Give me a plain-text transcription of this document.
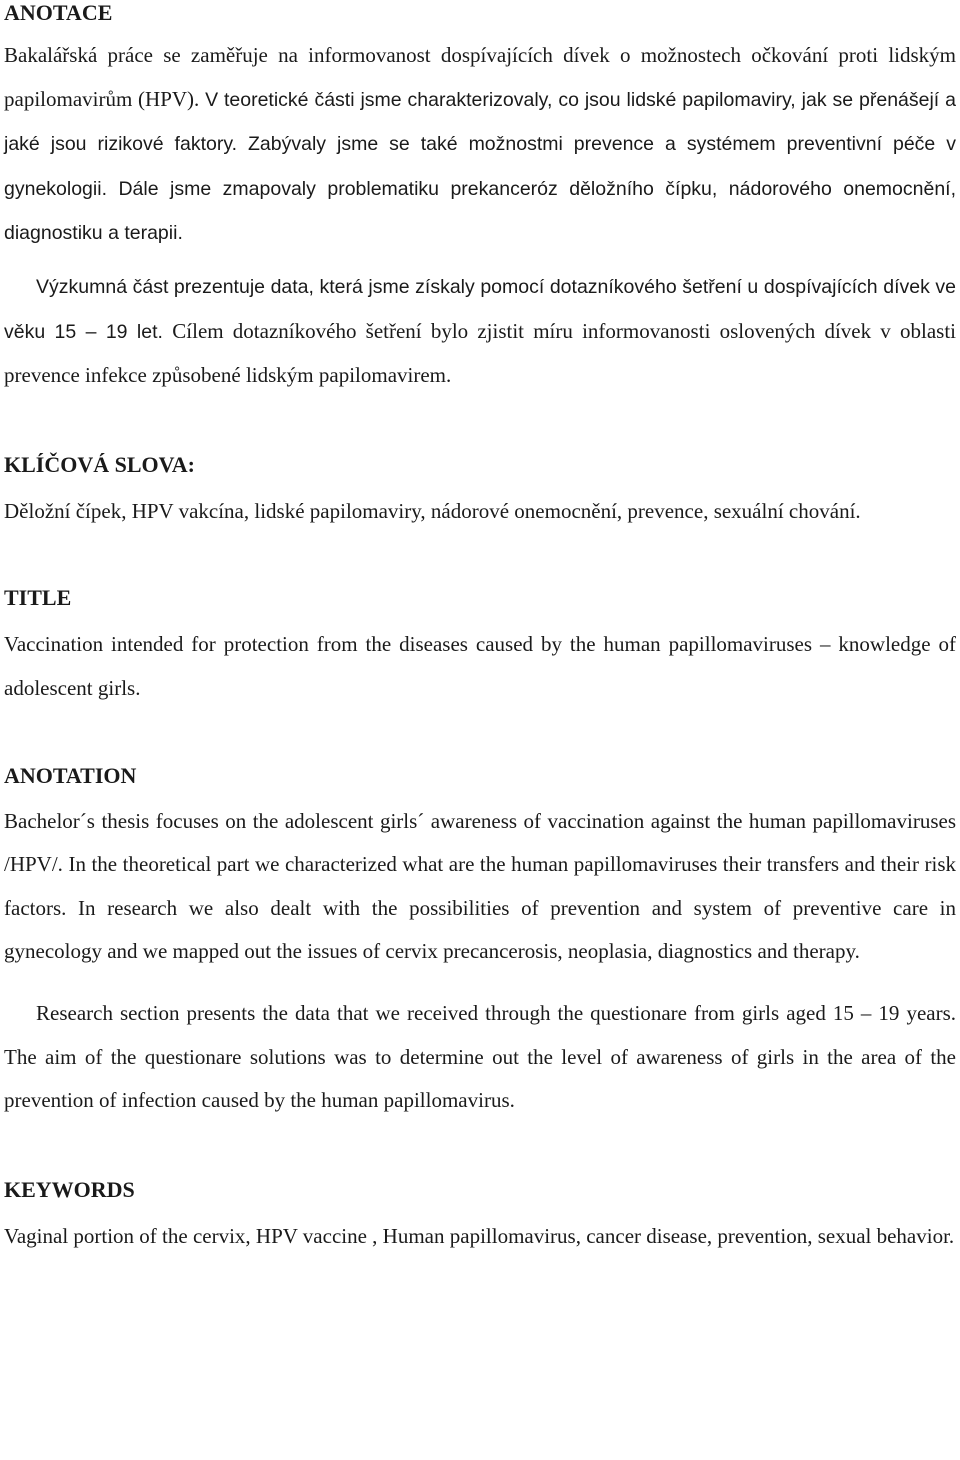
ANOTACE

Bakalářská práce se zaměřuje na informovanost dospívajících dívek o možnostech očkování proti lidským papilomavirům (HPV). V teoretické části jsme charakterizovaly, co jsou lidské papilomaviry, jak se přenášejí a jaké jsou rizikové faktory. Zabývaly jsme se také možnostmi prevence a systémem preventivní péče v gynekologii. Dále jsme zmapovaly problematiku prekanceróz děložního čípku, nádorového onemocnění, diagnostiku a terapii.

Výzkumná část prezentuje data, která jsme získaly pomocí dotazníkového šetření u dospívajících dívek ve věku 15 – 19 let. Cílem dotazníkového šetření bylo zjistit míru informovanosti oslovených dívek v oblasti prevence infekce způsobené lidským papilomavirem.

KLÍČOVÁ SLOVA:

Děložní čípek, HPV vakcína, lidské papilomaviry, nádorové onemocnění, prevence, sexuální chování.

TITLE

Vaccination intended for protection from the diseases caused by the human papillomaviruses – knowledge of adolescent girls.

ANOTATION

Bachelor´s thesis focuses on the adolescent girls´ awareness of vaccination against the human papillomaviruses /HPV/. In the theoretical part we characterized what are the human papillomaviruses their transfers and their risk factors. In research we also dealt with the possibilities of prevention and system of preventive care in gynecology and we mapped out the issues of cervix precancerosis, neoplasia, diagnostics and therapy.

Research section presents the data that we received through the questionare from girls aged 15 – 19 years. The aim of the questionare solutions was to determine out the level of awareness of girls in the area of the prevention of infection caused by the human papillomavirus.

KEYWORDS

Vaginal portion of the cervix, HPV vaccine , Human papillomavirus, cancer disease, prevention, sexual behavior.
